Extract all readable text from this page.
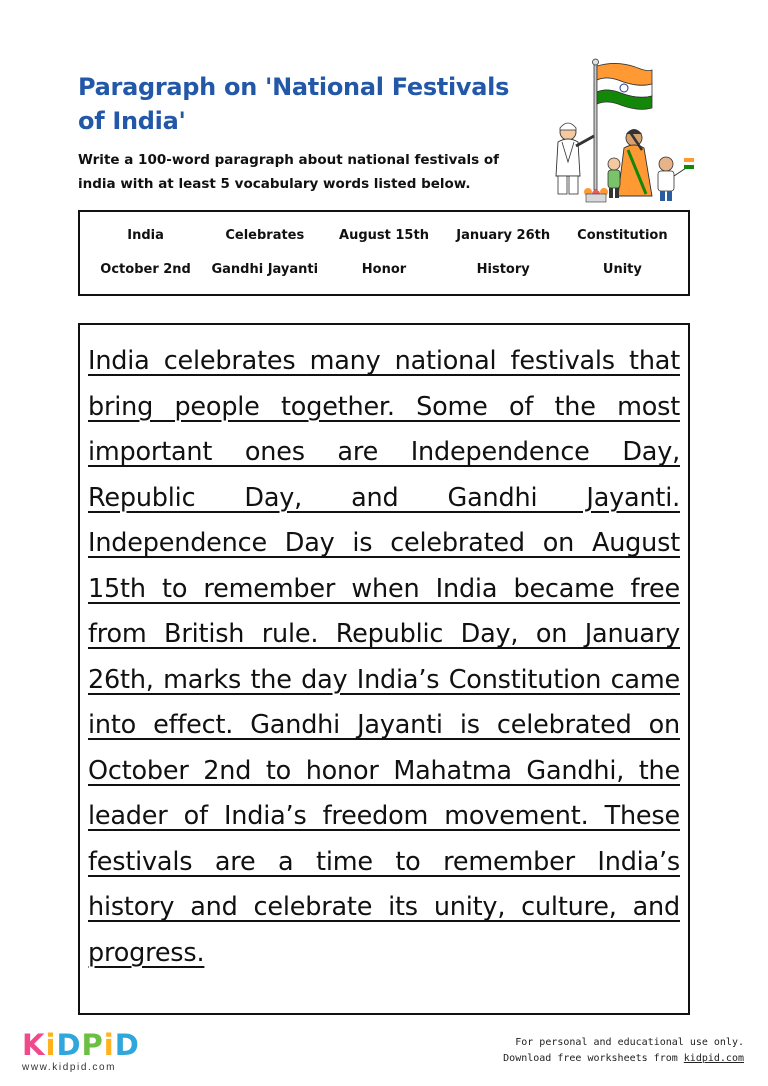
Paragraph on 'National Festivals of India'

Write a 100-word paragraph about national festivals of india with at least 5 vocabulary words listed below.

India	Celebrates	August 15th	January 26th	Constitution
October 2nd	Gandhi Jayanti	Honor	History	Unity

India celebrates many national festivals that bring people together. Some of the most important ones are Independence Day, Republic Day, and Gandhi Jayanti. Independence Day is celebrated on August 15th to remember when India became free from British rule. Republic Day, on January 26th, marks the day India’s Constitution came into effect. Gandhi Jayanti is celebrated on October 2nd to honor Mahatma Gandhi, the leader of India’s freedom movement. These festivals are a time to remember India’s history and celebrate its unity, culture, and progress.

KiDPiD
www.kidpid.com
For personal and educational use only.
Download free worksheets from kidpid.com
